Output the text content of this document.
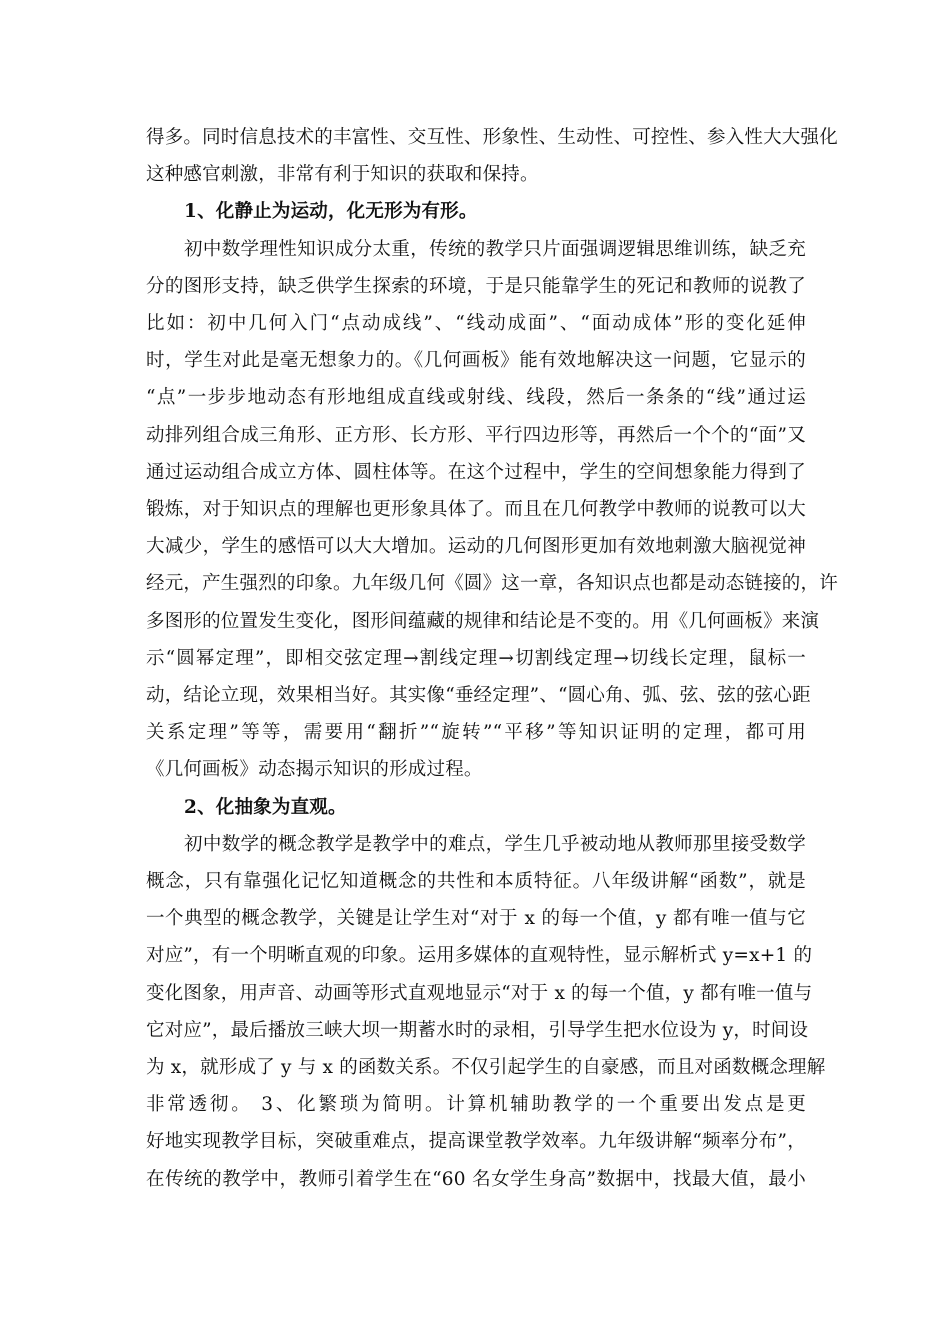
得多。同时信息技术的丰富性、交互性、形象性、生动性、可控性、参入性大大强化
这种感官刺激，非常有利于知识的获取和保持。
1、化静止为运动，化无形为有形。
初中数学理性知识成分太重，传统的教学只片面强调逻辑思维训练，缺乏充
分的图形支持，缺乏供学生探索的环境，于是只能靠学生的死记和教师的说教了
比如：初中几何入门“点动成线”、“线动成面”、“面动成体”形的变化延伸
时，学生对此是毫无想象力的。《几何画板》能有效地解决这一问题，它显示的
“点”一步步地动态有形地组成直线或射线、线段，然后一条条的“线”通过运
动排列组合成三角形、正方形、长方形、平行四边形等，再然后一个个的“面”又
通过运动组合成立方体、圆柱体等。在这个过程中，学生的空间想象能力得到了
锻炼，对于知识点的理解也更形象具体了。而且在几何教学中教师的说教可以大
大减少，学生的感悟可以大大增加。运动的几何图形更加有效地刺激大脑视觉神
经元，产生强烈的印象。九年级几何《圆》这一章，各知识点也都是动态链接的，许
多图形的位置发生变化，图形间蕴藏的规律和结论是不变的。用《几何画板》来演
示“圆幂定理”，即相交弦定理→割线定理→切割线定理→切线长定理，鼠标一
动，结论立现，效果相当好。其实像“垂经定理”、“圆心角、弧、弦、弦的弦心距
关系定理”等等，需要用“翻折”“旋转”“平移”等知识证明的定理，都可用
《几何画板》动态揭示知识的形成过程。
2、化抽象为直观。
初中数学的概念教学是教学中的难点，学生几乎被动地从教师那里接受数学
概念，只有靠强化记忆知道概念的共性和本质特征。八年级讲解“函数”，就是
一个典型的概念教学，关键是让学生对“对于 x 的每一个值，y 都有唯一值与它
对应”，有一个明晰直观的印象。运用多媒体的直观特性，显示解析式 y=x+1 的
变化图象，用声音、动画等形式直观地显示“对于 x 的每一个值，y 都有唯一值与
它对应”，最后播放三峡大坝一期蓄水时的录相，引导学生把水位设为 y，时间设
为 x，就形成了 y 与 x 的函数关系。不仅引起学生的自豪感，而且对函数概念理解
非常透彻。 3、化繁琐为简明。计算机辅助教学的一个重要出发点是更
好地实现教学目标，突破重难点，提高课堂教学效率。九年级讲解“频率分布”，
在传统的教学中，教师引着学生在“60 名女学生身高”数据中，找最大值，最小
